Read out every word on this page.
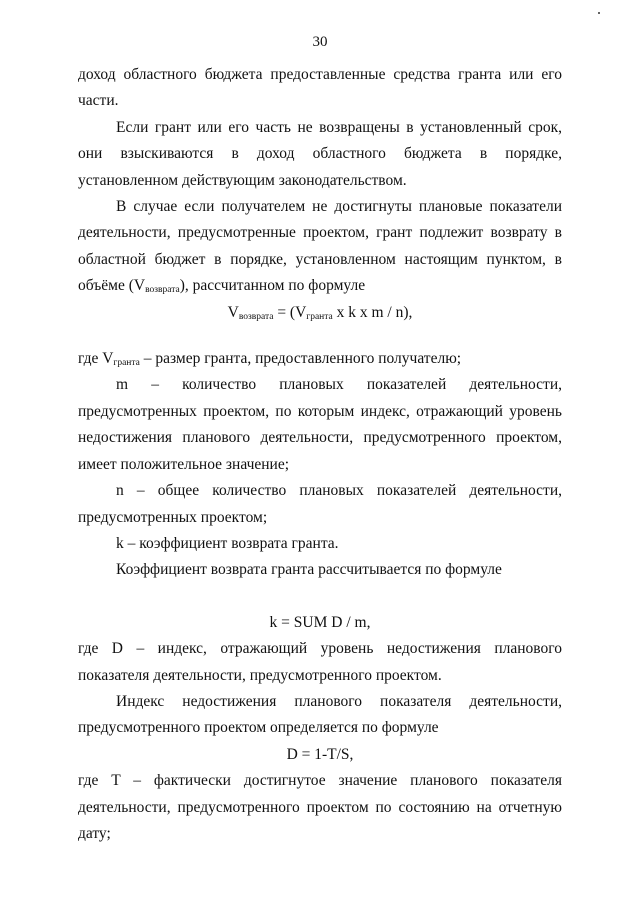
30

доход областного бюджета предоставленные средства гранта или его части.

Если грант или его часть не возвращены в установленный срок, они взыскиваются в доход областного бюджета в порядке, установленном действующим законодательством.

В случае если получателем не достигнуты плановые показатели деятельности, предусмотренные проектом, грант подлежит возврату в областной бюджет в порядке, установленном настоящим пунктом, в объёме $(V_{возврата})$, рассчитанном по формуле

$V_{возврата} = (V_{гранта}$ x k x m / n),

где $V_{гранта}$ – размер гранта, предоставленного получателю;

m – количество плановых показателей деятельности, предусмотренных проектом, по которым индекс, отражающий уровень недостижения планового деятельности, предусмотренного проектом, имеет положительное значение;

n – общее количество плановых показателей деятельности, предусмотренных проектом;

k – коэффициент возврата гранта.

Коэффициент возврата гранта рассчитывается по формуле

k = SUM D / m,

где D – индекс, отражающий уровень недостижения планового показателя деятельности, предусмотренного проектом.

Индекс недостижения планового показателя деятельности, предусмотренного проектом определяется по формуле

D = 1-T/S,

где T – фактически достигнутое значение планового показателя деятельности, предусмотренного проектом по состоянию на отчетную дату;
